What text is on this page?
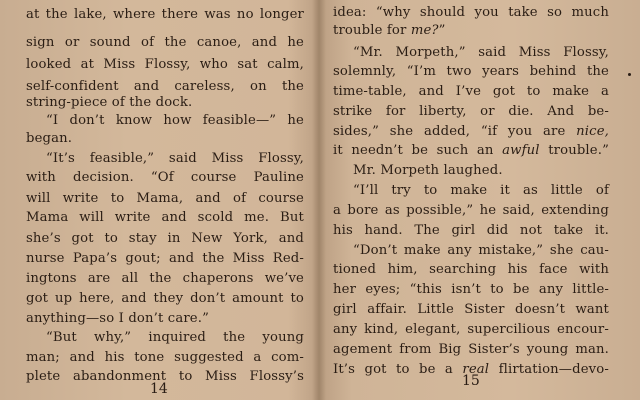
at the lake, where there was no longer
sign or sound of the canoe, and he
looked at Miss Flossy, who sat calm,
self-confident and careless, on the
string-piece of the dock.
“I don’t know how feasible—” he
began.
“It’s feasible,” said Miss Flossy,
with decision. “Of course Pauline
will write to Mama, and of course
Mama will write and scold me. But
she’s got to stay in New York, and
nurse Papa’s gout; and the Miss Red-
ingtons are all the chaperons we’ve
got up here, and they don’t amount to
anything—so I don’t care.”
“But why,” inquired the young
man; and his tone suggested a com-
plete abandonment to Miss Flossy’s
14
idea: “why should you take so much
trouble for me?”
“Mr. Morpeth,” said Miss Flossy,
solemnly, “I’m two years behind the
time-table, and I’ve got to make a
strike for liberty, or die. And be-
sides,” she added, “if you are nice,
it needn’t be such an awful trouble.”
Mr. Morpeth laughed.
“I’ll try to make it as little of
a bore as possible,” he said, extending
his hand. The girl did not take it.
“Don’t make any mistake,” she cau-
tioned him, searching his face with
her eyes; “this isn’t to be any little-
girl affair. Little Sister doesn’t want
any kind, elegant, supercilious encour-
agement from Big Sister’s young man.
It’s got to be a real flirtation—devo-
15
